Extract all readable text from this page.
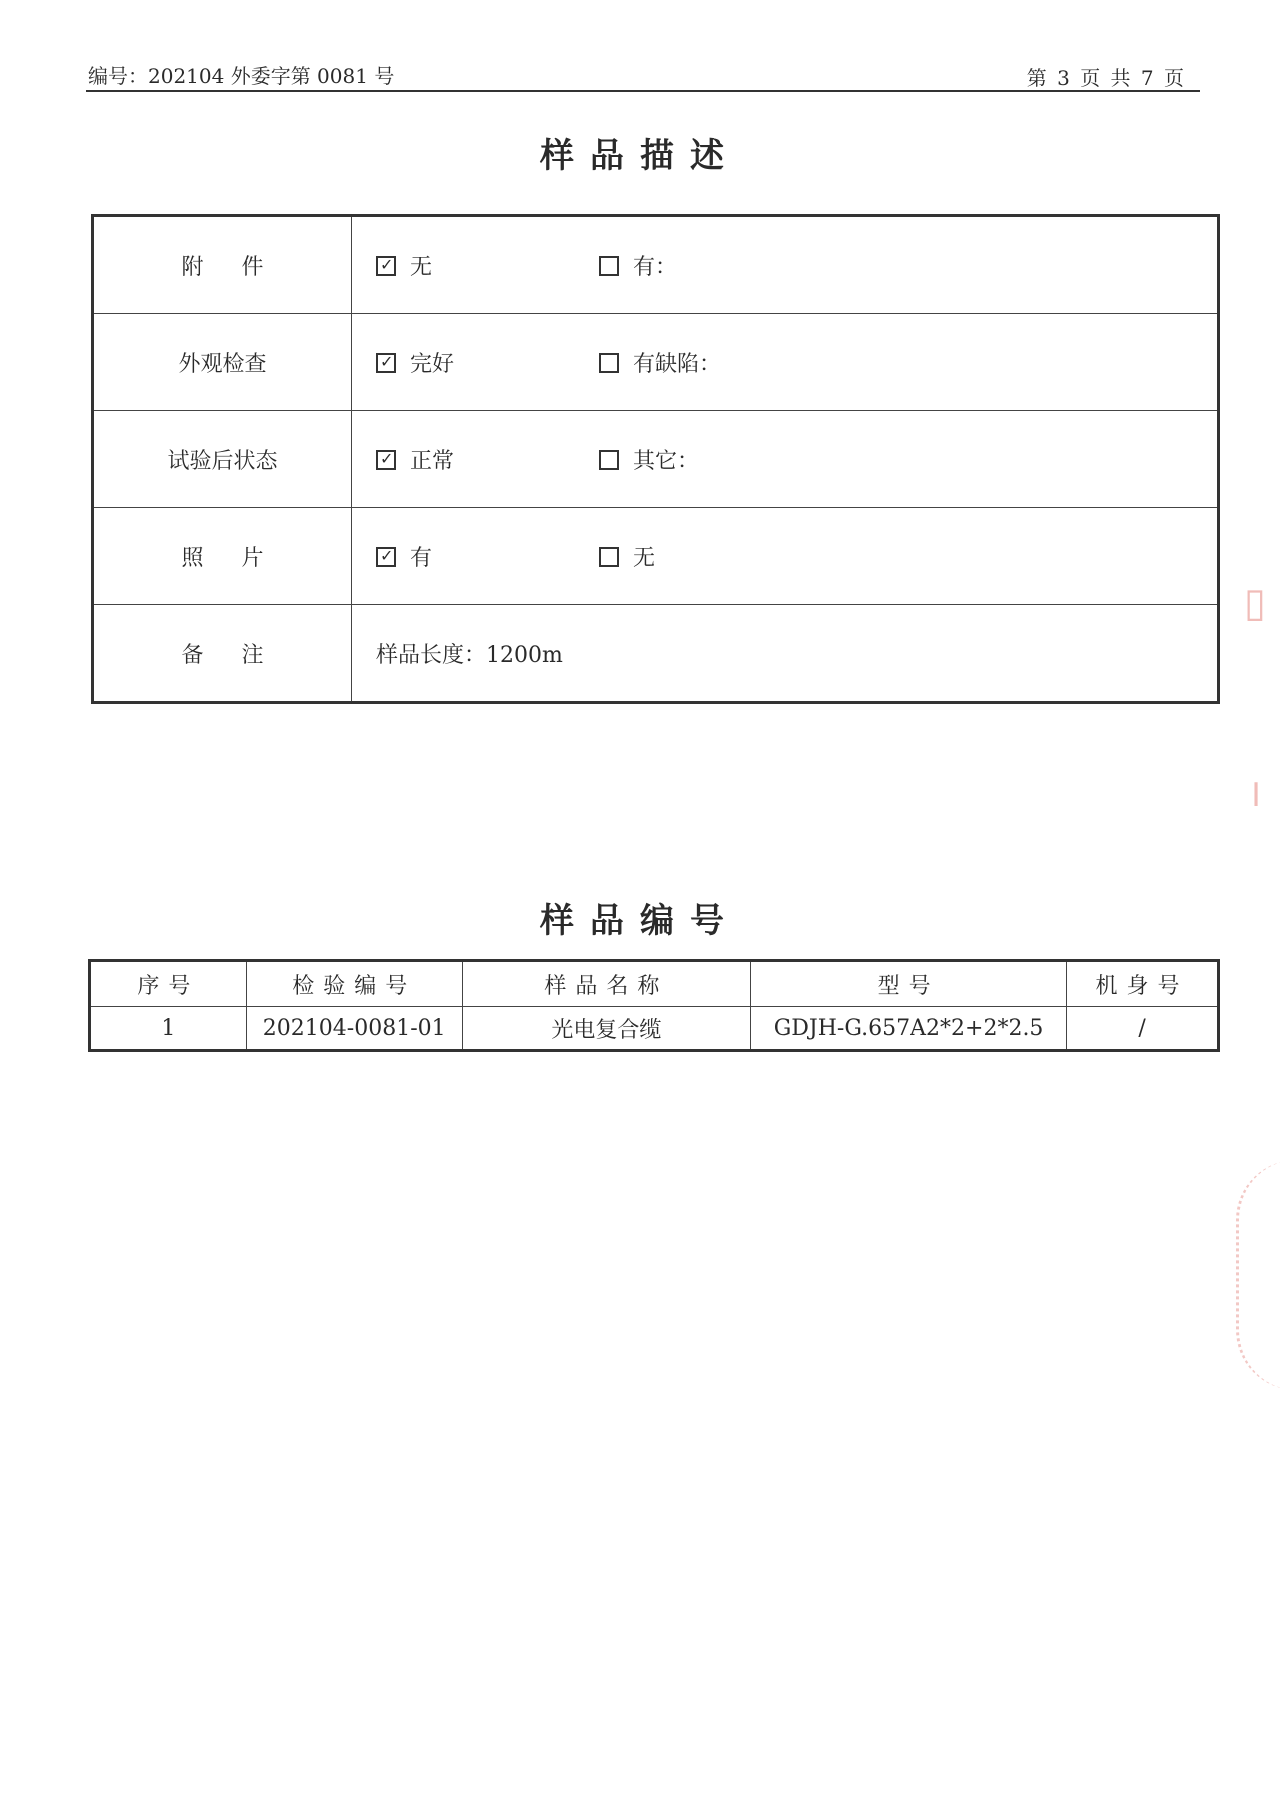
编号：202104 外委字第 0081 号	第 3 页 共 7 页
样品描述
附件	✓ 无 有：
外观检查	✓ 完好 有缺陷：
试验后状态	✓ 正常 其它：
照片	✓ 有 无
备注	样品长度：1200m
样品编号
序号	检验编号	样品名称	型号	机身号
1	202104-0081-01	光电复合缆	GDJH-G.657A2*2+2*2.5	/
▯
╷
